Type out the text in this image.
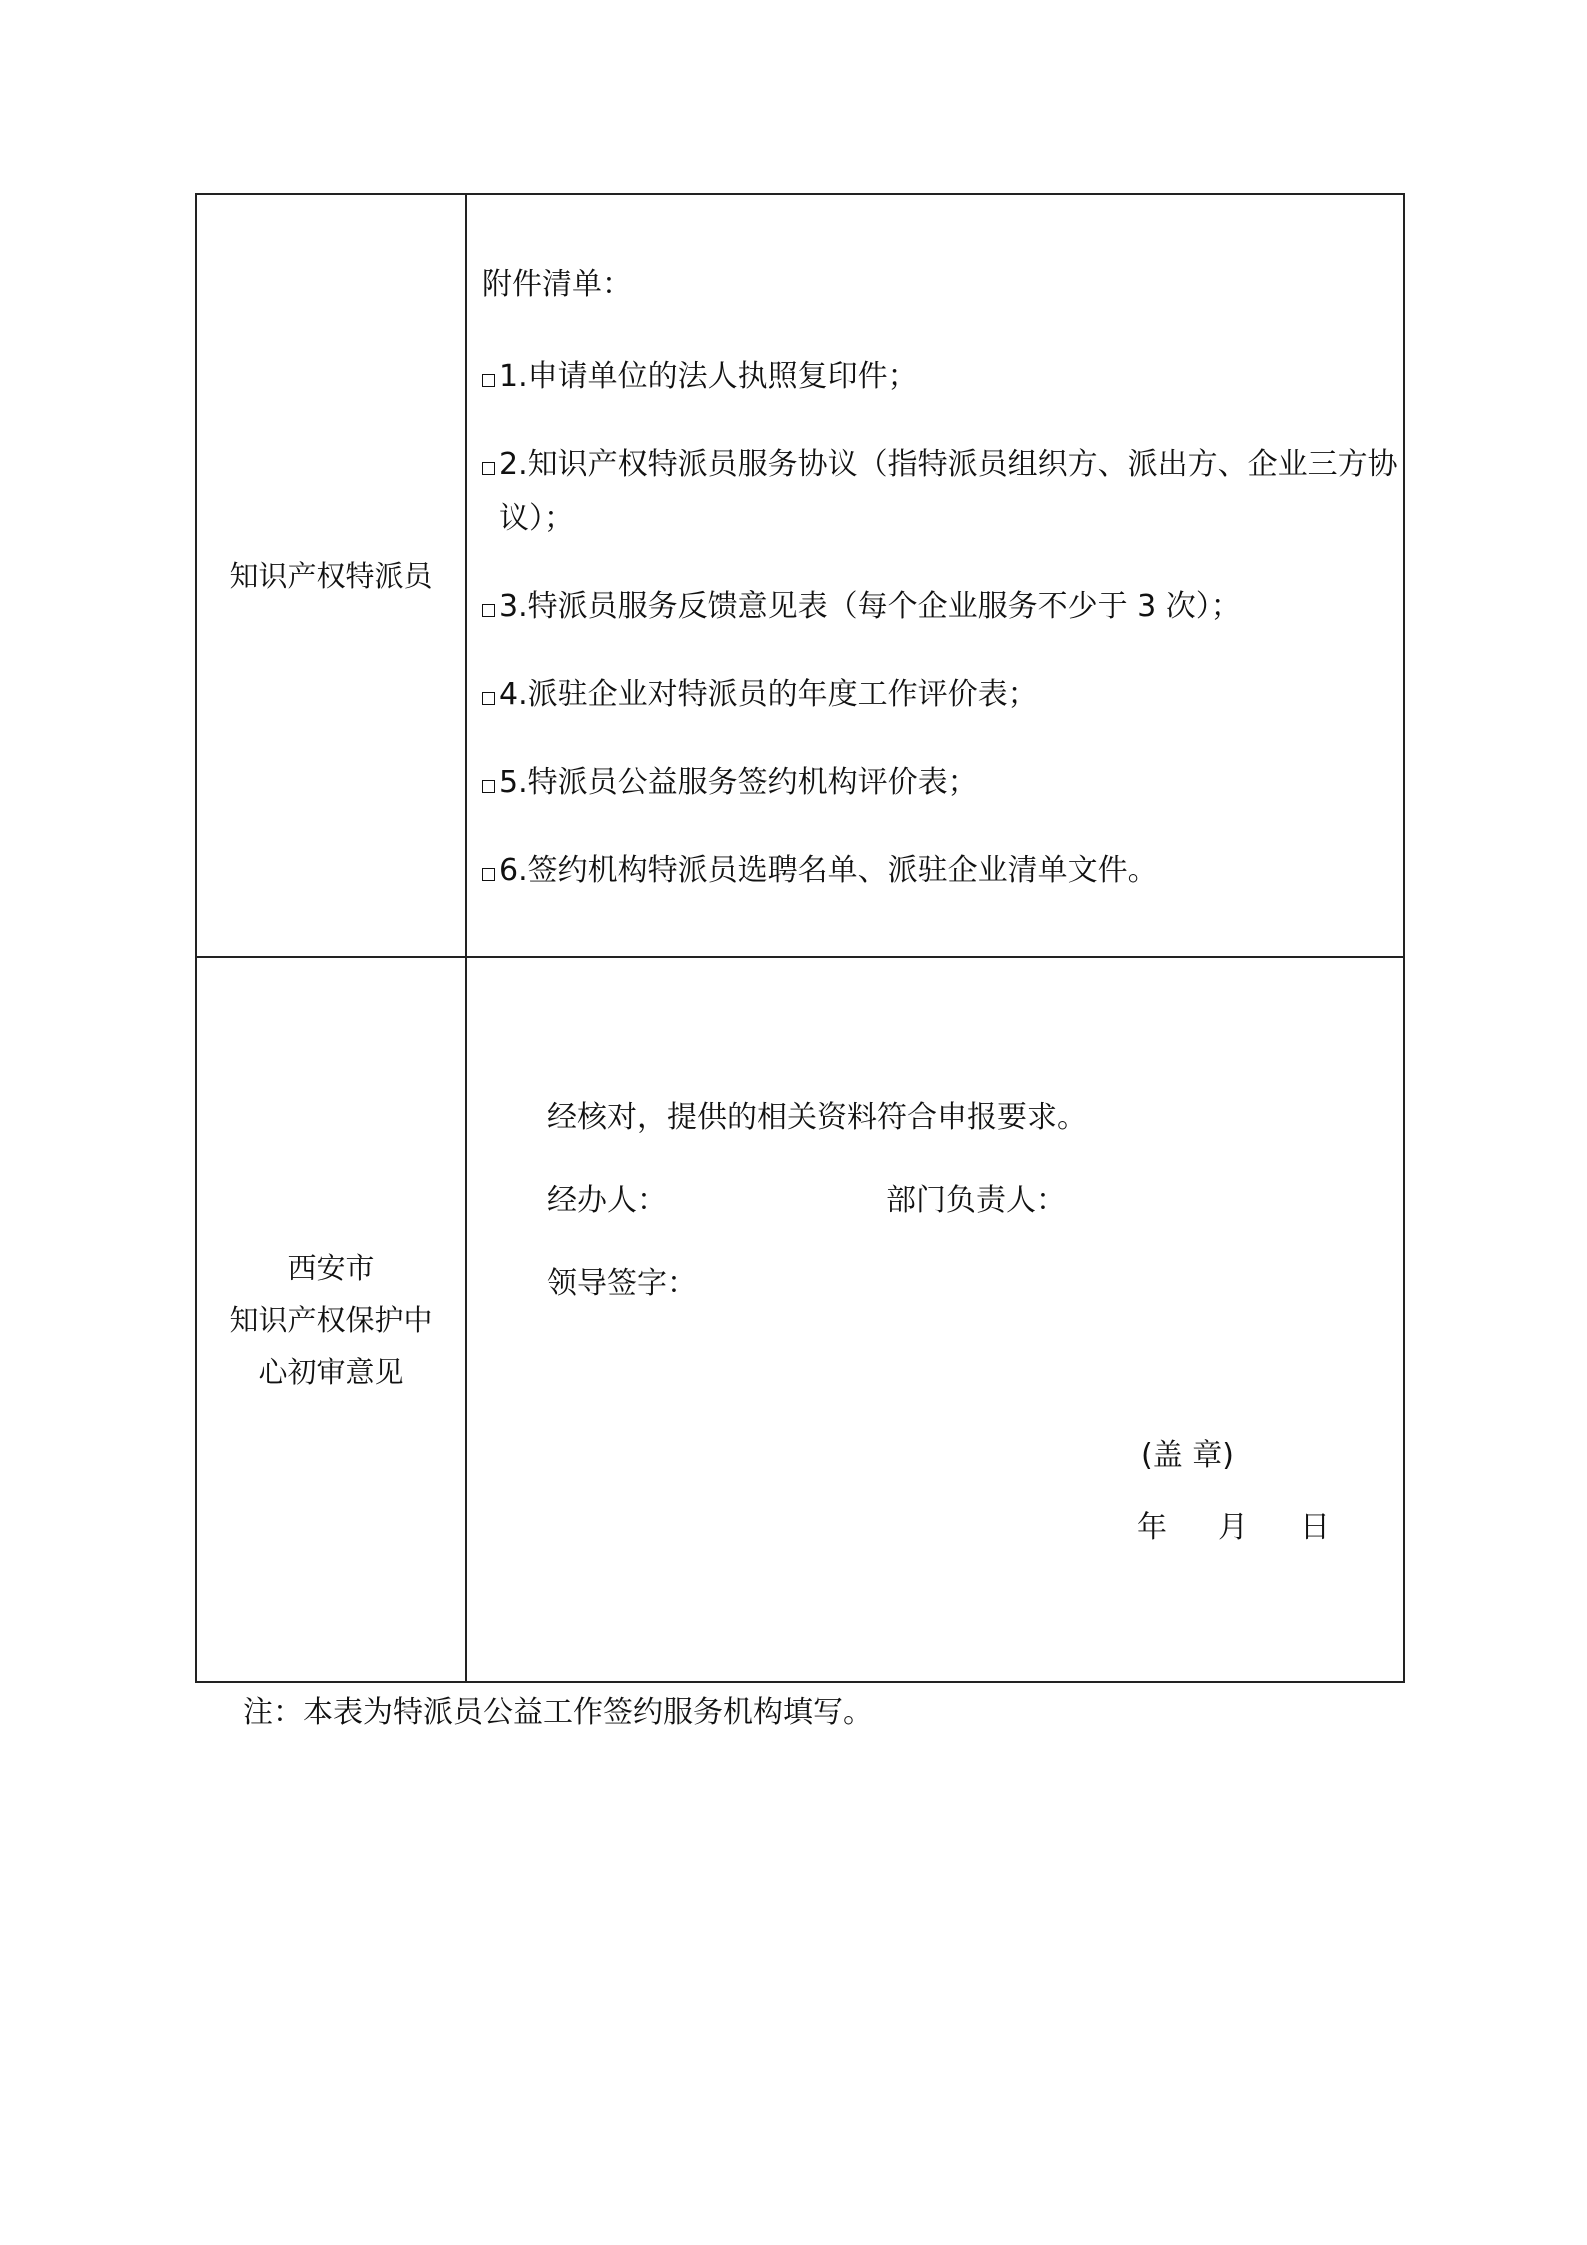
知识产权特派员
附件清单：
1.申请单位的法人执照复印件；
2.知识产权特派员服务协议（指特派员组织方、派出方、企业三方协议）；
3.特派员服务反馈意见表（每个企业服务不少于 3 次）；
4.派驻企业对特派员的年度工作评价表；
5.特派员公益服务签约机构评价表；
6.签约机构特派员选聘名单、派驻企业清单文件。
西安市
知识产权保护中
心初审意见
经核对，提供的相关资料符合申报要求。
经办人：	部门负责人：
领导签字：
(盖 章)
年 月 日
注：本表为特派员公益工作签约服务机构填写。
